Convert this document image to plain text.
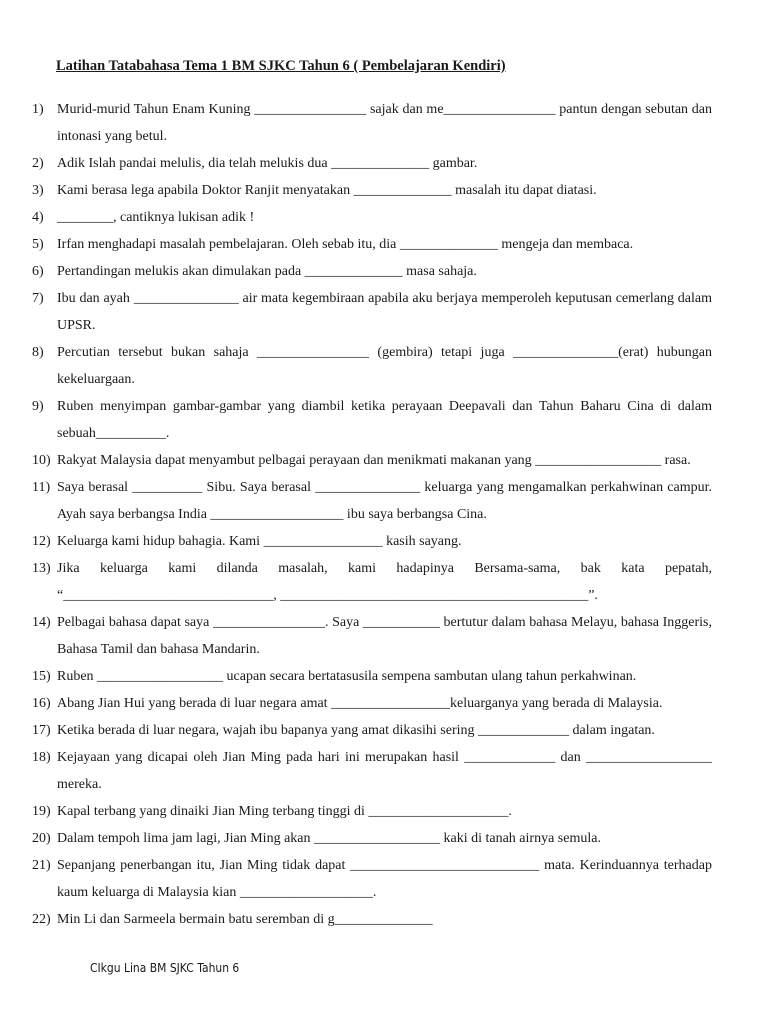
Latihan Tatabahasa Tema 1 BM SJKC Tahun 6 ( Pembelajaran Kendiri)
1) Murid-murid Tahun Enam Kuning ________________ sajak dan me________________ pantun dengan sebutan dan intonasi yang betul.
2) Adik Islah pandai melulis, dia telah melukis dua ______________ gambar.
3) Kami berasa lega apabila Doktor Ranjit menyatakan ______________ masalah itu dapat diatasi.
4) ________, cantiknya lukisan adik !
5) Irfan menghadapi masalah pembelajaran. Oleh sebab itu, dia ______________ mengeja dan membaca.
6) Pertandingan melukis akan dimulakan pada ______________ masa sahaja.
7) Ibu dan ayah _______________ air mata kegembiraan apabila aku berjaya memperoleh keputusan cemerlang dalam UPSR.
8) Percutian tersebut bukan sahaja ________________ (gembira) tetapi juga _______________(erat) hubungan kekeluargaan.
9) Ruben menyimpan gambar-gambar yang diambil ketika perayaan Deepavali dan Tahun Baharu Cina di dalam sebuah__________.
10) Rakyat Malaysia dapat menyambut pelbagai perayaan dan menikmati makanan yang __________________ rasa.
11) Saya berasal __________ Sibu. Saya berasal _______________ keluarga yang mengamalkan perkahwinan campur. Ayah saya berbangsa India ___________________ ibu saya berbangsa Cina.
12) Keluarga kami hidup bahagia. Kami _________________ kasih sayang.
13) Jika keluarga kami dilanda masalah, kami hadapinya Bersama-sama, bak kata pepatah, “______________________________, ____________________________________________”.
14) Pelbagai bahasa dapat saya ________________. Saya ___________ bertutur dalam bahasa Melayu, bahasa Inggeris, Bahasa Tamil dan bahasa Mandarin.
15) Ruben __________________ ucapan secara bertatasusila sempena sambutan ulang tahun perkahwinan.
16) Abang Jian Hui yang berada di luar negara amat _________________keluarganya yang berada di Malaysia.
17) Ketika berada di luar negara, wajah ibu bapanya yang amat dikasihi sering _____________ dalam ingatan.
18) Kejayaan yang dicapai oleh Jian Ming pada hari ini merupakan hasil _____________ dan __________________ mereka.
19) Kapal terbang yang dinaiki Jian Ming terbang tinggi di ____________________.
20) Dalam tempoh lima jam lagi, Jian Ming akan __________________ kaki di tanah airnya semula.
21) Sepanjang penerbangan itu, Jian Ming tidak dapat ___________________________ mata. Kerinduannya terhadap kaum keluarga di Malaysia kian ___________________.
22) Min Li dan Sarmeela bermain batu seremban di g______________

CIkgu Lina BM SJKC Tahun 6
